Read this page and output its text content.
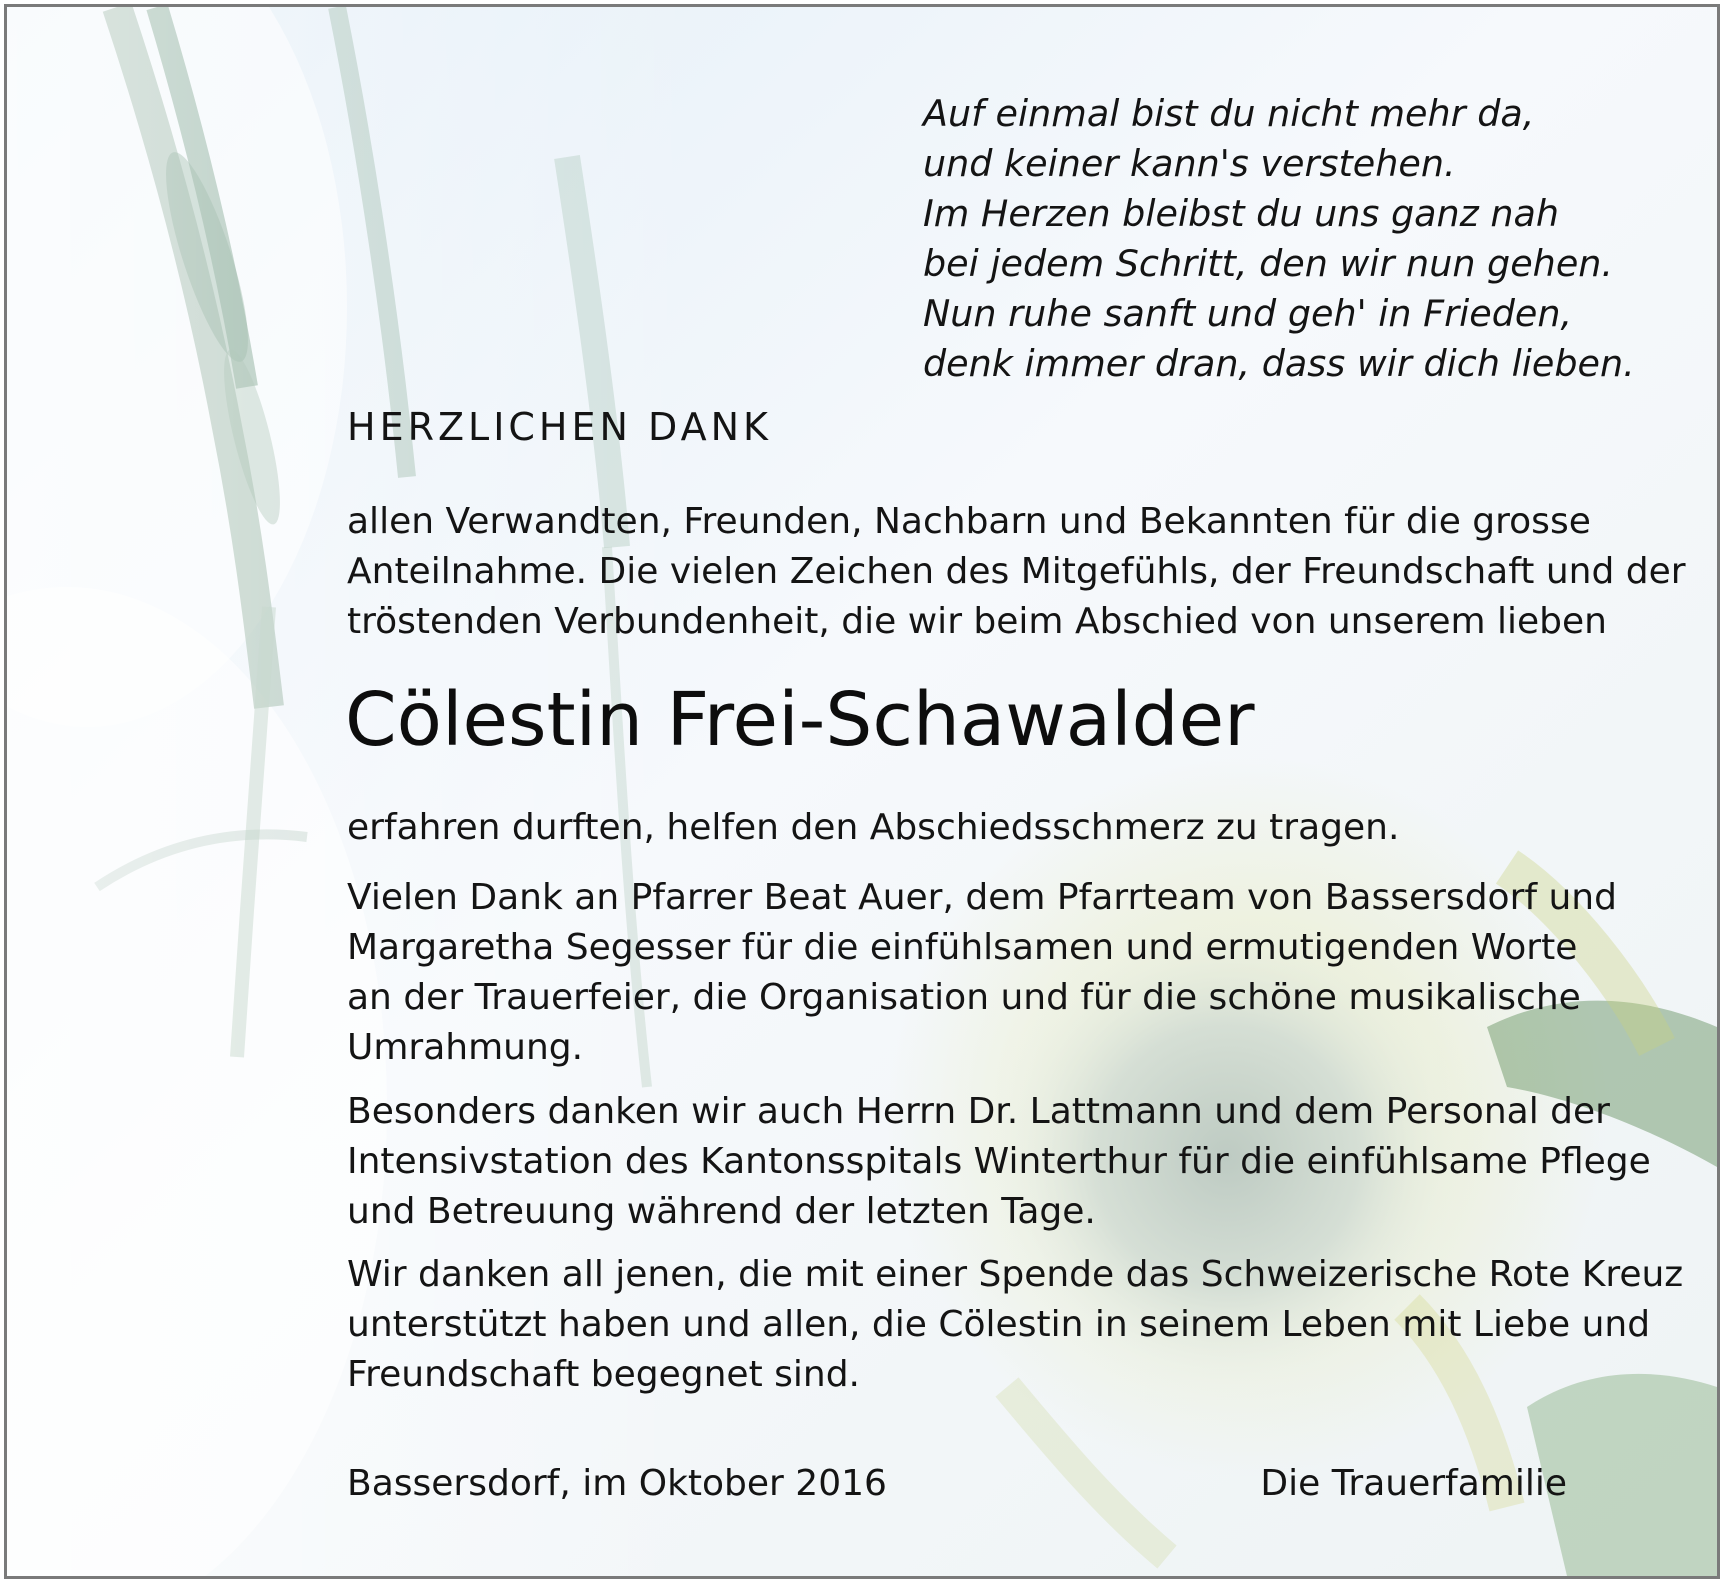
Auf einmal bist du nicht mehr da,
und keiner kann's verstehen.
Im Herzen bleibst du uns ganz nah
bei jedem Schritt, den wir nun gehen.
Nun ruhe sanft und geh' in Frieden,
denk immer dran, dass wir dich lieben.
HERZLICHEN DANK
allen Verwandten, Freunden, Nachbarn und Bekannten für die grosse
Anteilnahme. Die vielen Zeichen des Mitgefühls, der Freundschaft und der
tröstenden Verbundenheit, die wir beim Abschied von unserem lieben
Cölestin Frei-Schawalder
erfahren durften, helfen den Abschiedsschmerz zu tragen.
Vielen Dank an Pfarrer Beat Auer, dem Pfarrteam von Bassersdorf und
Margaretha Segesser für die einfühlsamen und ermutigenden Worte
an der Trauerfeier, die Organisation und für die schöne musikalische
Umrahmung.
Besonders danken wir auch Herrn Dr. Lattmann und dem Personal der
Intensivstation des Kantonsspitals Winterthur für die einfühlsame Pflege
und Betreuung während der letzten Tage.
Wir danken all jenen, die mit einer Spende das Schweizerische Rote Kreuz
unterstützt haben und allen, die Cölestin in seinem Leben mit Liebe und
Freundschaft begegnet sind.
Bassersdorf, im Oktober 2016	Die Trauerfamilie
